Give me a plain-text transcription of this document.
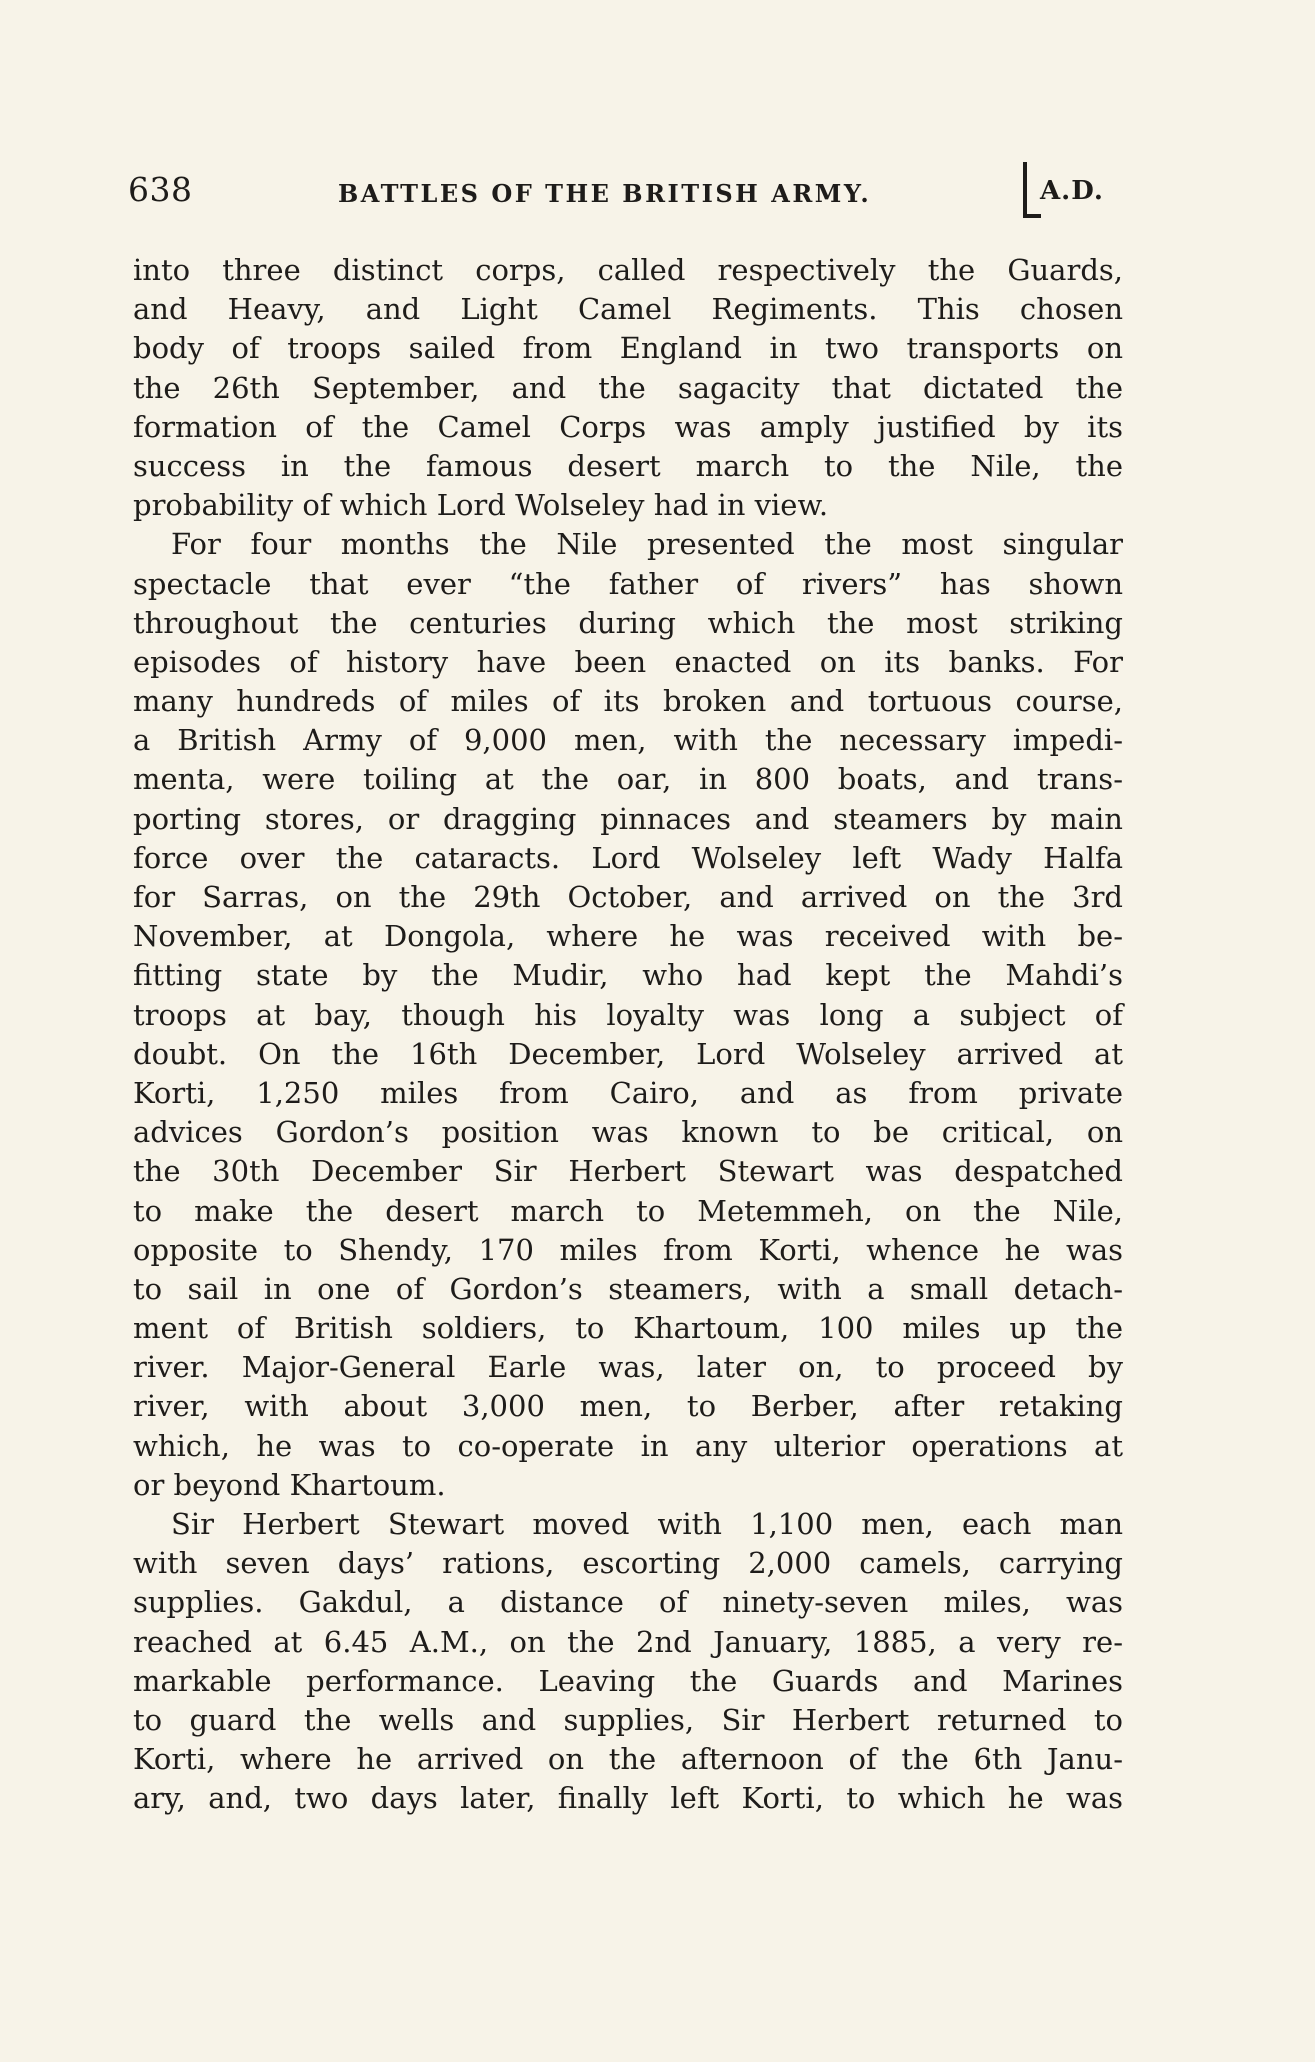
638	BATTLES OF THE BRITISH ARMY.	A.D.
into three distinct corps, called respectively the Guards,
and Heavy, and Light Camel Regiments. This chosen
body of troops sailed from England in two transports on
the 26th September, and the sagacity that dictated the
formation of the Camel Corps was amply justified by its
success in the famous desert march to the Nile, the
probability of which Lord Wolseley had in view.
For four months the Nile presented the most singular
spectacle that ever “the father of rivers” has shown
throughout the centuries during which the most striking
episodes of history have been enacted on its banks. For
many hundreds of miles of its broken and tortuous course,
a British Army of 9,000 men, with the necessary impedi-
menta, were toiling at the oar, in 800 boats, and trans-
porting stores, or dragging pinnaces and steamers by main
force over the cataracts. Lord Wolseley left Wady Halfa
for Sarras, on the 29th October, and arrived on the 3rd
November, at Dongola, where he was received with be-
fitting state by the Mudir, who had kept the Mahdi’s
troops at bay, though his loyalty was long a subject of
doubt. On the 16th December, Lord Wolseley arrived at
Korti, 1,250 miles from Cairo, and as from private
advices Gordon’s position was known to be critical, on
the 30th December Sir Herbert Stewart was despatched
to make the desert march to Metemmeh, on the Nile,
opposite to Shendy, 170 miles from Korti, whence he was
to sail in one of Gordon’s steamers, with a small detach-
ment of British soldiers, to Khartoum, 100 miles up the
river. Major-General Earle was, later on, to proceed by
river, with about 3,000 men, to Berber, after retaking
which, he was to co-operate in any ulterior operations at
or beyond Khartoum.
Sir Herbert Stewart moved with 1,100 men, each man
with seven days’ rations, escorting 2,000 camels, carrying
supplies. Gakdul, a distance of ninety-seven miles, was
reached at 6.45 A.M., on the 2nd January, 1885, a very re-
markable performance. Leaving the Guards and Marines
to guard the wells and supplies, Sir Herbert returned to
Korti, where he arrived on the afternoon of the 6th Janu-
ary, and, two days later, finally left Korti, to which he was
